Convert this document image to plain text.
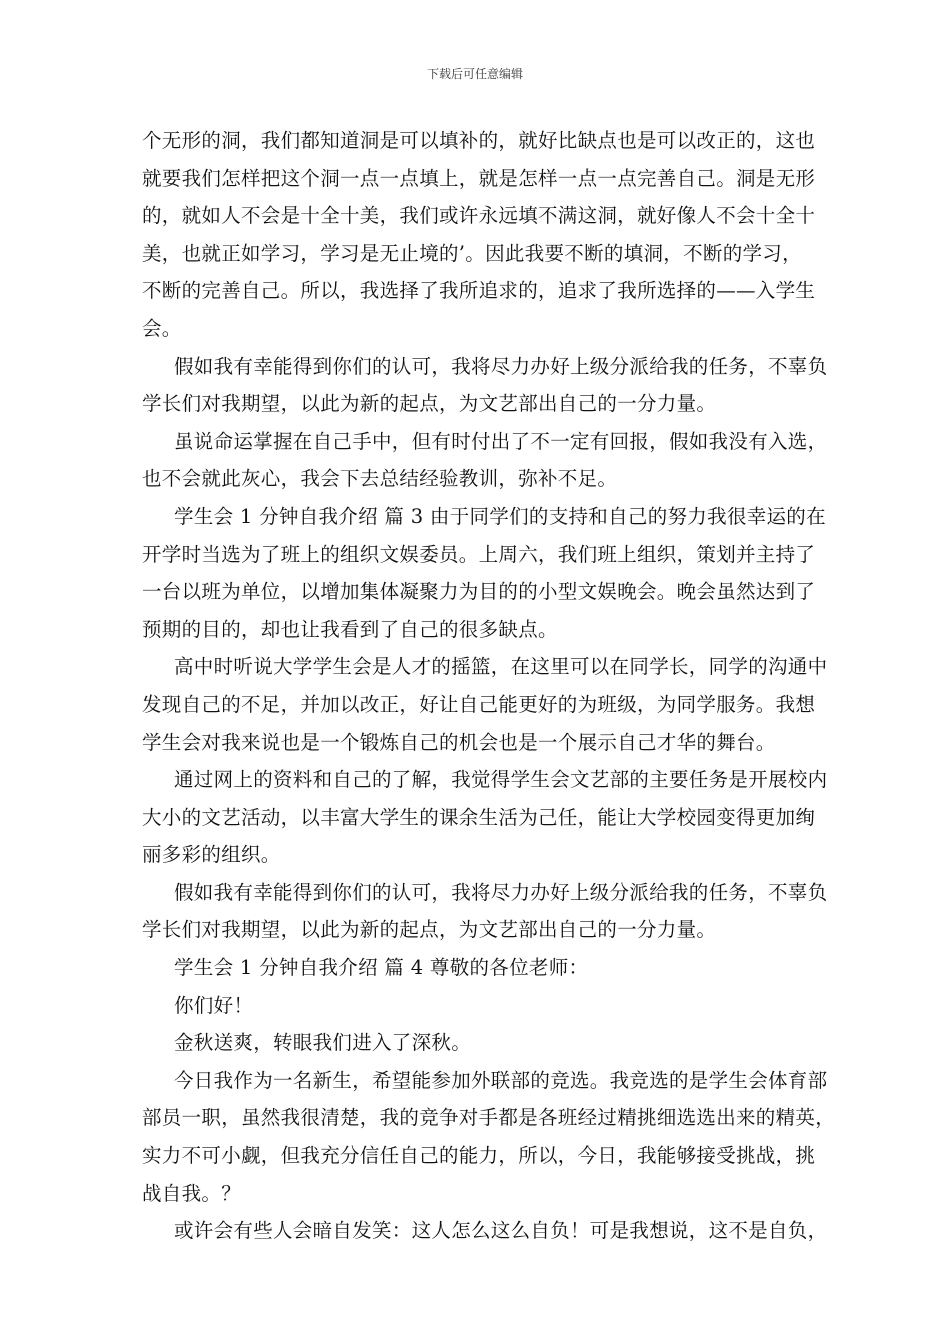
下载后可任意编辑
个无形的洞，我们都知道洞是可以填补的，就好比缺点也是可以改正的，这也
就要我们怎样把这个洞一点一点填上，就是怎样一点一点完善自己。洞是无形
的，就如人不会是十全十美，我们或许永远填不满这洞，就好像人不会十全十
美，也就正如学习，学习是无止境的’。因此我要不断的填洞，不断的学习，
不断的完善自己。所以，我选择了我所追求的，追求了我所选择的——入学生
会。
假如我有幸能得到你们的认可，我将尽力办好上级分派给我的任务，不辜负
学长们对我期望，以此为新的起点，为文艺部出自己的一分力量。
虽说命运掌握在自己手中，但有时付出了不一定有回报，假如我没有入选，
也不会就此灰心，我会下去总结经验教训，弥补不足。
学生会 1 分钟自我介绍 篇 3 由于同学们的支持和自己的努力我很幸运的在
开学时当选为了班上的组织文娱委员。上周六，我们班上组织，策划并主持了
一台以班为单位，以增加集体凝聚力为目的的小型文娱晚会。晚会虽然达到了
预期的目的，却也让我看到了自己的很多缺点。
高中时听说大学学生会是人才的摇篮，在这里可以在同学长，同学的沟通中
发现自己的不足，并加以改正，好让自己能更好的为班级，为同学服务。我想
学生会对我来说也是一个锻炼自己的机会也是一个展示自己才华的舞台。
通过网上的资料和自己的了解，我觉得学生会文艺部的主要任务是开展校内
大小的文艺活动，以丰富大学生的课余生活为己任，能让大学校园变得更加绚
丽多彩的组织。
假如我有幸能得到你们的认可，我将尽力办好上级分派给我的任务，不辜负
学长们对我期望，以此为新的起点，为文艺部出自己的一分力量。
学生会 1 分钟自我介绍 篇 4 尊敬的各位老师：
你们好！
金秋送爽，转眼我们进入了深秋。
今日我作为一名新生，希望能参加外联部的竞选。我竞选的是学生会体育部
部员一职，虽然我很清楚，我的竞争对手都是各班经过精挑细选选出来的精英，
实力不可小觑，但我充分信任自己的能力，所以，今日，我能够接受挑战，挑
战自我。？
或许会有些人会暗自发笑：这人怎么这么自负！可是我想说，这不是自负，
